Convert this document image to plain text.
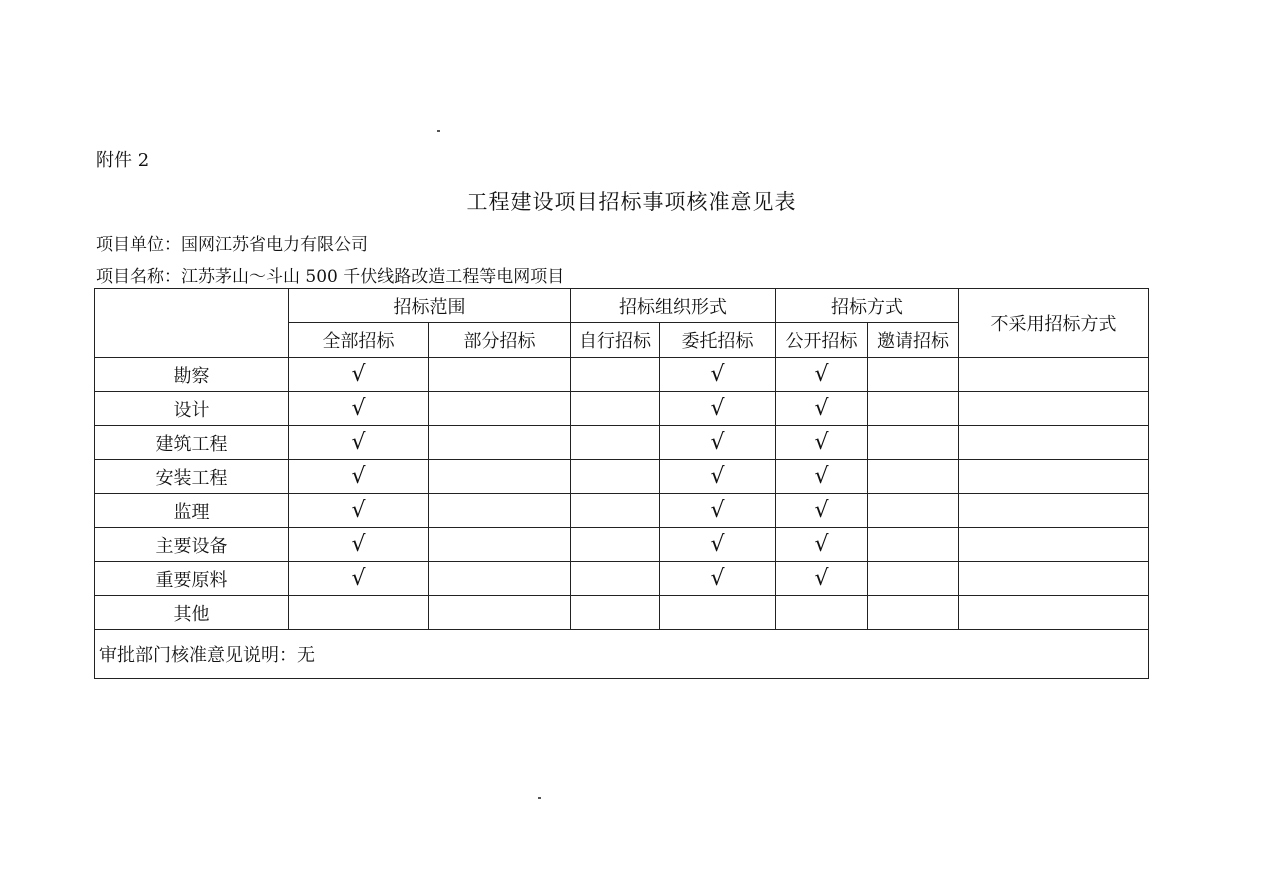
附件 2
工程建设项目招标事项核准意见表
项目单位：国网江苏省电力有限公司
项目名称：江苏茅山～斗山 500 千伏线路改造工程等电网项目
	招标范围		招标组织形式		招标方式		不采用招标方式
	全部招标	部分招标	自行招标	委托招标	公开招标	邀请招标	
勘察	√			√	√		
设计	√			√	√		
建筑工程	√			√	√		
安装工程	√			√	√		
监理	√			√	√		
主要设备	√			√	√		
重要原料	√			√	√		
其他							
审批部门核准意见说明：无							
